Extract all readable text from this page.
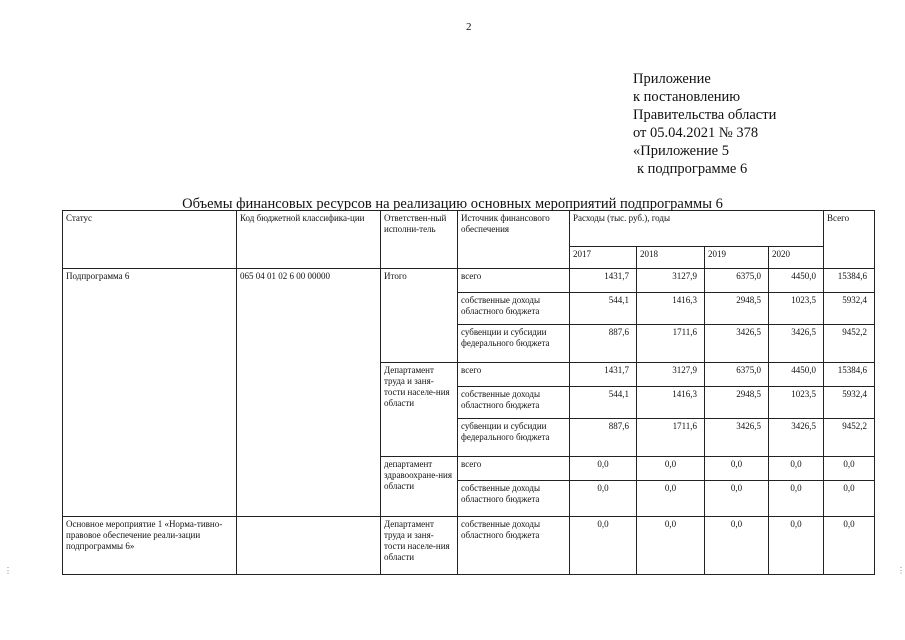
2
Приложение
к постановлению
Правительства области
от 05.04.2021 № 378
«Приложение 5
к подпрограмме 6
Объемы финансовых ресурсов на реализацию основных мероприятий подпрограммы 6
Статус	Код бюджетной классифика-ции	Ответствен-ный исполни-тель	Источник финансового обеспечения	Расходы (тыс. руб.), годы				Всего
				2017	2018	2019	2020	
Подпрограмма 6	065 04 01 02 6 00 00000	Итого	всего	1431,7	3127,9	6375,0	4450,0	15384,6
			собственные доходы областного бюджета	544,1	1416,3	2948,5	1023,5	5932,4
			субвенции и субсидии федерального бюджета	887,6	1711,6	3426,5	3426,5	9452,2
		Департамент труда и заня-тости населе-ния области	всего	1431,7	3127,9	6375,0	4450,0	15384,6
			собственные доходы областного бюджета	544,1	1416,3	2948,5	1023,5	5932,4
			субвенции и субсидии федерального бюджета	887,6	1711,6	3426,5	3426,5	9452,2
		департамент здравоохране-ния области	всего	0,0	0,0	0,0	0,0	0,0
			собственные доходы областного бюджета	0,0	0,0	0,0	0,0	0,0
Основное мероприятие 1 «Норма-тивно-правовое обеспечение реали-зации подпрограммы 6»		Департамент труда и заня-тости населе-ния области	собственные доходы областного бюджета	0,0	0,0	0,0	0,0	0,0
⋮	⋮
